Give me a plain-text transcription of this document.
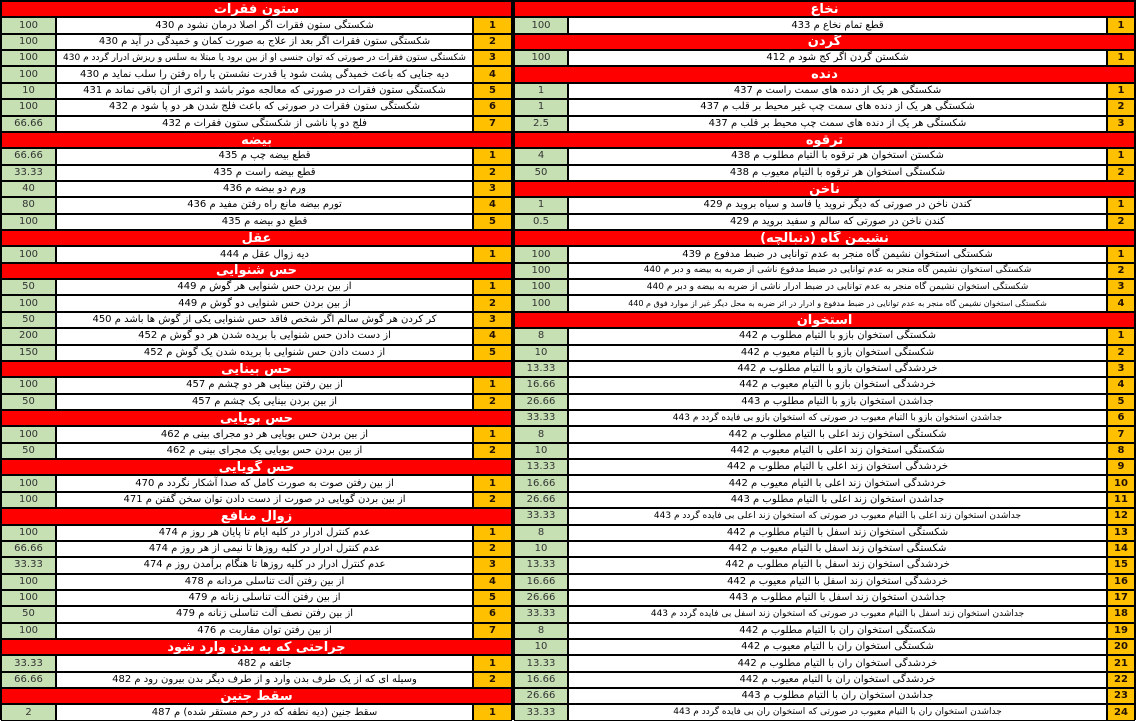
ستون فقرات
100	شکستگی ستون فقرات اگر اصلا درمان نشود م 430	1
100	شکستگی ستون فقرات اگر بعد از علاج به صورت کمان و خمیدگی در آید م 430	2
100	شکستگی ستون فقرات در صورتی که توان جنسی او از بین برود یا مبتلا به سلس و ریزش ادرار گردد م 430	3
100	دیه جنایی که باعث خمیدگی پشت شود یا قدرت نشستن یا راه رفتن را سلب نماید م 430	4
10	شکستگی ستون فقرات در صورتی که معالجه موثر باشد و اثری از آن باقی نماند م 431	5
100	شکستگی ستون فقرات در صورتی که باعث فلج شدن هر دو پا شود م 432	6
66.66	فلج دو پا ناشی از شکستگی ستون فقرات م 432	7
بیضه
66.66	قطع بیضه چپ م 435	1
33.33	قطع بیضه راست م 435	2
40	ورم دو بیضه م 436	3
80	تورم بیضه مانع راه رفتن مفید م 436	4
100	قطع دو بیضه م 435	5
عقل
100	دیه زوال عقل م 444	1
حس شنوایی
50	از بین بردن حس شنوایی هر گوش م 449	1
100	از بین بردن حس شنوایی دو گوش م 449	2
50	کر کردن هر گوش سالم اگر شخص فاقد حس شنوایی یکی از گوش ها باشد م 450	3
200	از دست دادن حس شنوایی با بریده شدن هر دو گوش م 452	4
150	از دست دادن حس شنوایی با بریده شدن یک گوش م 452	5
حس بینایی
100	از بین رفتن بینایی هر دو چشم م 457	1
50	از بین بردن بینایی یک چشم م 457	2
حس بویایی
100	از بین بردن حس بویایی هر دو مجرای بینی م 462	1
50	از بین بردن حس بویایی یک مجرای بینی م 462	2
حس گویایی
100	از بین رفتن صوت به صورت کامل که صدا آشکار نگردد م 470	1
100	از بین بردن گویایی در صورت از دست دادن توان سخن گفتن م 471	2
زوال منافع
100	عدم کنترل ادرار در کلیه ایام تا پایان هر روز م 474	1
66.66	عدم کنترل ادرار در کلیه روزها تا نیمی از هر روز م 474	2
33.33	عدم کنترل ادرار در کلیه روزها تا هنگام برآمدن روز م 474	3
100	از بین رفتن آلت تناسلی مردانه م 478	4
100	از بین رفتن آلت تناسلی زنانه م 479	5
50	از بین رفتن نصف آلت تناسلی زنانه م 479	6
100	از بین رفتن توان مقاربت م 476	7
جراحتی که به بدن وارد شود
33.33	جائفه م 482	1
66.66	وسیله ای که از یک طرف بدن وارد و از طرف دیگر بدن بیرون رود م 482	2
سقط جنین
2	سقط جنین (دیه نطفه که در رحم مستقر شده) م 487	1
نخاع
100	قطع تمام نخاع م 433	1
گردن
100	شکستن گردن اگر کج شود م 412	1
دنده
1	شکستگی هر یک از دنده های سمت راست م 437	1
1	شکستگی هر یک از دنده های سمت چپ غیر محیط بر قلب م 437	2
2.5	شکستگی هر یک از دنده های سمت چپ محیط بر قلب م 437	3
ترقوه
4	شکستن استخوان هر ترقوه با التیام مطلوب م 438	1
50	شکستگی استخوان هر ترقوه با التیام معیوب م 438	2
ناخن
1	کندن ناخن در صورتی که دیگر نروید یا فاسد و سیاه بروید م 429	1
0.5	کندن ناخن در صورتی که سالم و سفید بروید م 429	2
نشیمن گاه (دنبالچه)
100	شکستگی استخوان نشیمن گاه منجر به عدم توانایی در ضبط مدفوع م 439	1
100	شکستگی استخوان نشیمن گاه منجر به عدم توانایی در ضبط مدفوع ناشی از ضربه به بیضه و دبر م 440	2
100	شکستگی استخوان نشیمن گاه منجر به عدم توانایی در ضبط ادرار ناشی از ضربه به بیضه و دبر م 440	3
100	شکستگی استخوان نشیمن گاه منجر به عدم توانایی در ضبط مدفوع و ادرار در اثر ضربه به محل دیگر غیر از موارد فوق م 440	4
استخوان
8	شکستگی استخوان بازو با التیام مطلوب م 442	1
10	شکستگی استخوان بازو با التیام معیوب م 442	2
13.33	خردشدگی استخوان بازو با التیام مطلوب م 442	3
16.66	خردشدگی استخوان بازو با التیام معیوب م 442	4
26.66	جداشدن استخوان بازو با التیام مطلوب م 443	5
33.33	جداشدن استخوان بازو با التیام معیوب در صورتی که استخوان بازو بی فایده گردد م 443	6
8	شکستگی استخوان زند اعلی با التیام مطلوب م 442	7
10	شکستگی استخوان زند اعلی با التیام معیوب م 442	8
13.33	خردشدگی استخوان زند اعلی با التیام مطلوب م 442	9
16.66	خردشدگی استخوان زند اعلی با التیام معیوب م 442	10
26.66	جداشدن استخوان زند اعلی با التیام مطلوب م 443	11
33.33	جداشدن استخوان زند اعلی با التیام معیوب در صورتی که استخوان زند اعلی بی فایده گردد م 443	12
8	شکستگی استخوان زند اسفل با التیام مطلوب م 442	13
10	شکستگی استخوان زند اسفل با التیام معیوب م 442	14
13.33	خردشدگی استخوان زند اسفل با التیام مطلوب م 442	15
16.66	خردشدگی استخوان زند اسفل با التیام معیوب م 442	16
26.66	جداشدن استخوان زند اسفل با التیام مطلوب م 443	17
33.33	جداشدن استخوان زند اسفل با التیام معیوب در صورتی که استخوان زند اسفل بی فایده گردد م 443	18
8	شکستگی استخوان ران با التیام مطلوب م 442	19
10	شکستگی استخوان ران با التیام معیوب م 442	20
13.33	خردشدگی استخوان ران با التیام مطلوب م 442	21
16.66	خردشدگی استخوان ران با التیام معیوب م 442	22
26.66	جداشدن استخوان ران با التیام مطلوب م 443	23
33.33	جداشدن استخوان ران با التیام معیوب در صورتی که استخوان ران بی فایده گردد م 443	24
